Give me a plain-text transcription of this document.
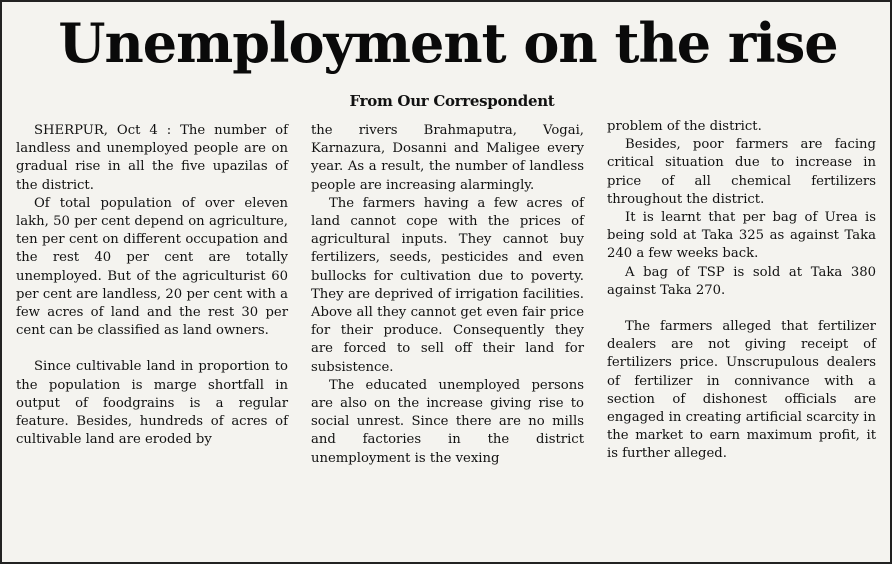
Unemployment on the rise
From Our Correspondent

SHERPUR, Oct 4 : The number of landless and unemployed people are on gradual rise in all the five upazilas of the district.

Of total population of over eleven lakh, 50 per cent depend on agriculture, ten per cent on different occupation and the rest 40 per cent are totally unemployed. But of the agriculturist 60 per cent are landless, 20 per cent with a few acres of land and the rest 30 per cent can be classified as land owners.

Since cultivable land in proportion to the population is marge shortfall in output of foodgrains is a regular feature. Besides, hundreds of acres of cultivable land are eroded by

the rivers Brahmaputra, Vogai, Karnazura, Dosanni and Maligee every year. As a result, the number of landless people are increasing alarmingly.

The farmers having a few acres of land cannot cope with the prices of agricultural inputs. They cannot buy fertilizers, seeds, pesticides and even bullocks for cultivation due to poverty. They are deprived of irrigation facilities. Above all they cannot get even fair price for their produce. Consequently they are forced to sell off their land for subsistence.

The educated unemployed persons are also on the increase giving rise to social unrest. Since there are no mills and factories in the district unemployment is the vexing

problem of the district.

Besides, poor farmers are facing critical situation due to increase in price of all chemical fertilizers throughout the district.

It is learnt that per bag of Urea is being sold at Taka 325 as against Taka 240 a few weeks back.

A bag of TSP is sold at Taka 380 against Taka 270.

The farmers alleged that fertilizer dealers are not giving receipt of fertilizers price. Unscrupulous dealers of fertilizer in connivance with a section of dishonest officials are engaged in creating artificial scarcity in the market to earn maximum profit, it is further alleged.
